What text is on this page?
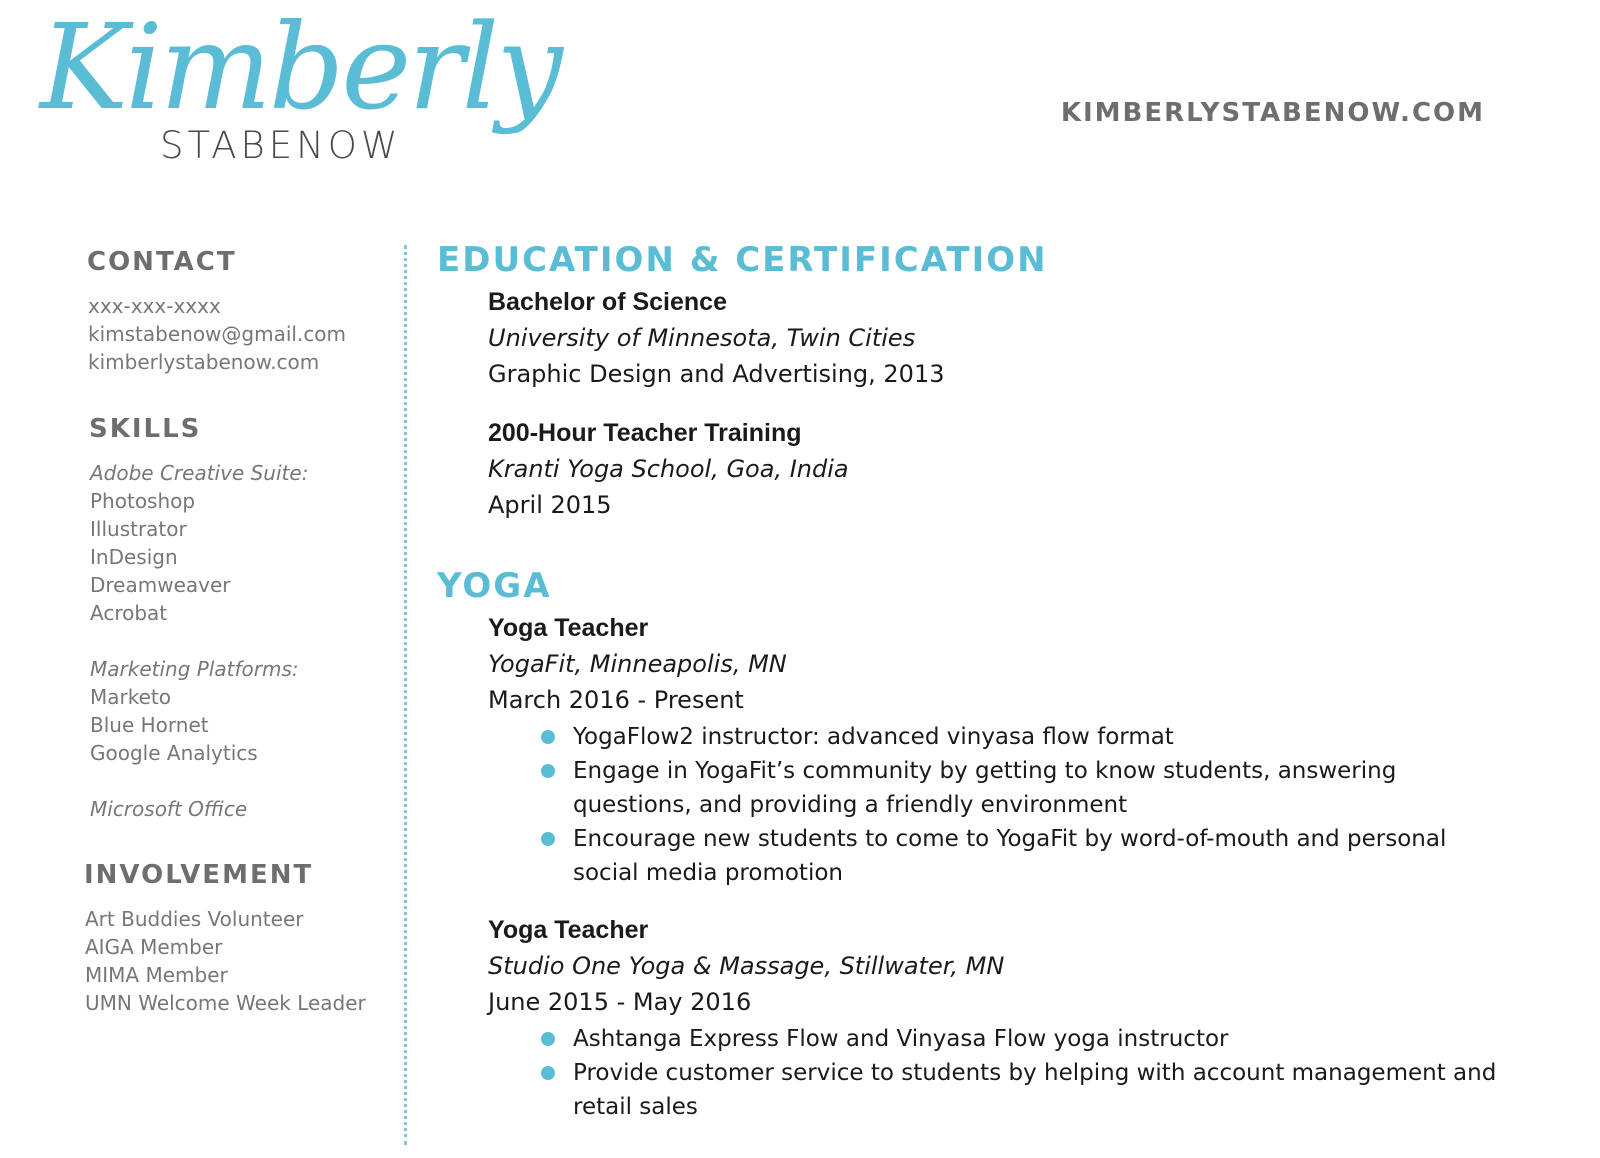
Kimberly
STABENOW
KIMBERLYSTABENOW.COM
CONTACT
xxx-xxx-xxxx
kimstabenow@gmail.com
kimberlystabenow.com
SKILLS
Adobe Creative Suite:
Photoshop
Illustrator
InDesign
Dreamweaver
Acrobat
Marketing Platforms:
Marketo
Blue Hornet
Google Analytics
Microsoft Office
INVOLVEMENT
Art Buddies Volunteer
AIGA Member
MIMA Member
UMN Welcome Week Leader
EDUCATION & CERTIFICATION
Bachelor of Science
University of Minnesota, Twin Cities
Graphic Design and Advertising, 2013
200-Hour Teacher Training
Kranti Yoga School, Goa, India
April 2015
YOGA
Yoga Teacher
YogaFit, Minneapolis, MN
March 2016 - Present
YogaFlow2 instructor: advanced vinyasa flow format
Engage in YogaFit’s community by getting to know students, answering questions, and providing a friendly environment
Encourage new students to come to YogaFit by word-of-mouth and personal social media promotion
Yoga Teacher
Studio One Yoga & Massage, Stillwater, MN
June 2015 - May 2016
Ashtanga Express Flow and Vinyasa Flow yoga instructor
Provide customer service to students by helping with account management and retail sales
